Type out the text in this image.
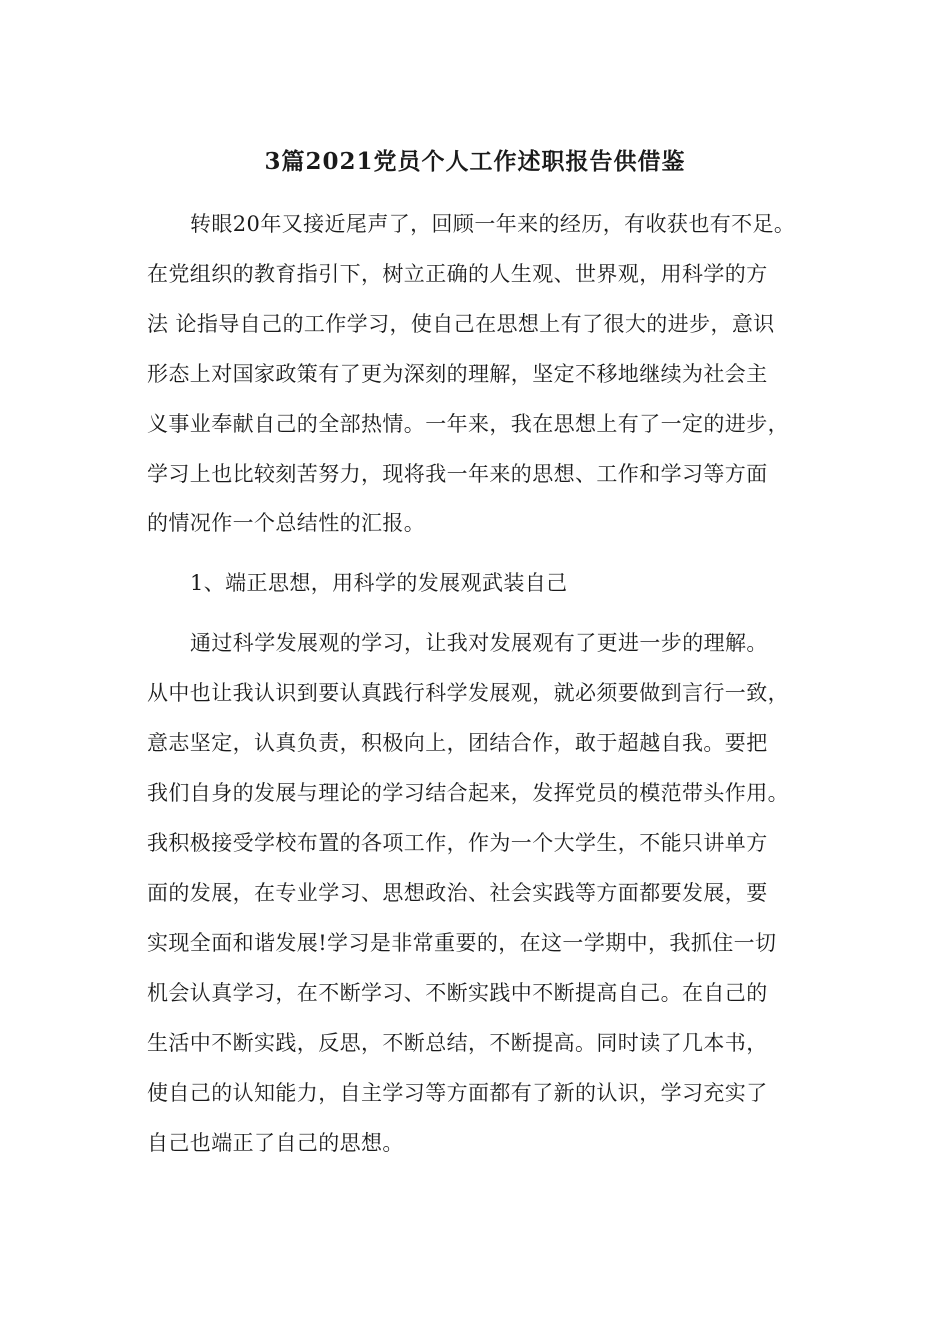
3篇2021党员个人工作述职报告供借鉴
转眼20年又接近尾声了，回顾一年来的经历，有收获也有不足。
在党组织的教育指引下，树立正确的人生观、世界观，用科学的方
法 论指导自己的工作学习，使自己在思想上有了很大的进步，意识
形态上对国家政策有了更为深刻的理解，坚定不移地继续为社会主
义事业奉献自己的全部热情。一年来，我在思想上有了一定的进步，
学习上也比较刻苦努力，现将我一年来的思想、工作和学习等方面
的情况作一个总结性的汇报。
1、端正思想，用科学的发展观武装自己
通过科学发展观的学习，让我对发展观有了更进一步的理解。
从中也让我认识到要认真践行科学发展观，就必须要做到言行一致，
意志坚定，认真负责，积极向上，团结合作，敢于超越自我。要把
我们自身的发展与理论的学习结合起来，发挥党员的模范带头作用。
我积极接受学校布置的各项工作，作为一个大学生，不能只讲单方
面的发展，在专业学习、思想政治、社会实践等方面都要发展，要
实现全面和谐发展!学习是非常重要的，在这一学期中，我抓住一切
机会认真学习，在不断学习、不断实践中不断提高自己。在自己的
生活中不断实践，反思，不断总结，不断提高。同时读了几本书，
使自己的认知能力，自主学习等方面都有了新的认识，学习充实了
自己也端正了自己的思想。
